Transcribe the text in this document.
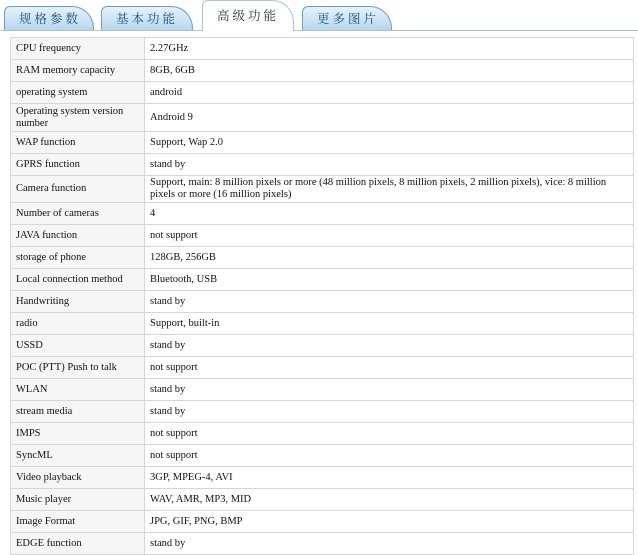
规格参数	基本功能	高级功能	更多图片
CPU frequency	2.27GHz
RAM memory capacity	8GB, 6GB
operating system	android
Operating system version number	Android 9
WAP function	Support, Wap 2.0
GPRS function	stand by
Camera function	Support, main: 8 million pixels or more (48 million pixels, 8 million pixels, 2 million pixels), vice: 8 million pixels or more (16 million pixels)
Number of cameras	4
JAVA function	not support
storage of phone	128GB, 256GB
Local connection method	Bluetooth, USB
Handwriting	stand by
radio	Support, built-in
USSD	stand by
POC (PTT) Push to talk	not support
WLAN	stand by
stream media	stand by
IMPS	not support
SyncML	not support
Video playback	3GP, MPEG-4, AVI
Music player	WAV, AMR, MP3, MID
Image Format	JPG, GIF, PNG, BMP
EDGE function	stand by
